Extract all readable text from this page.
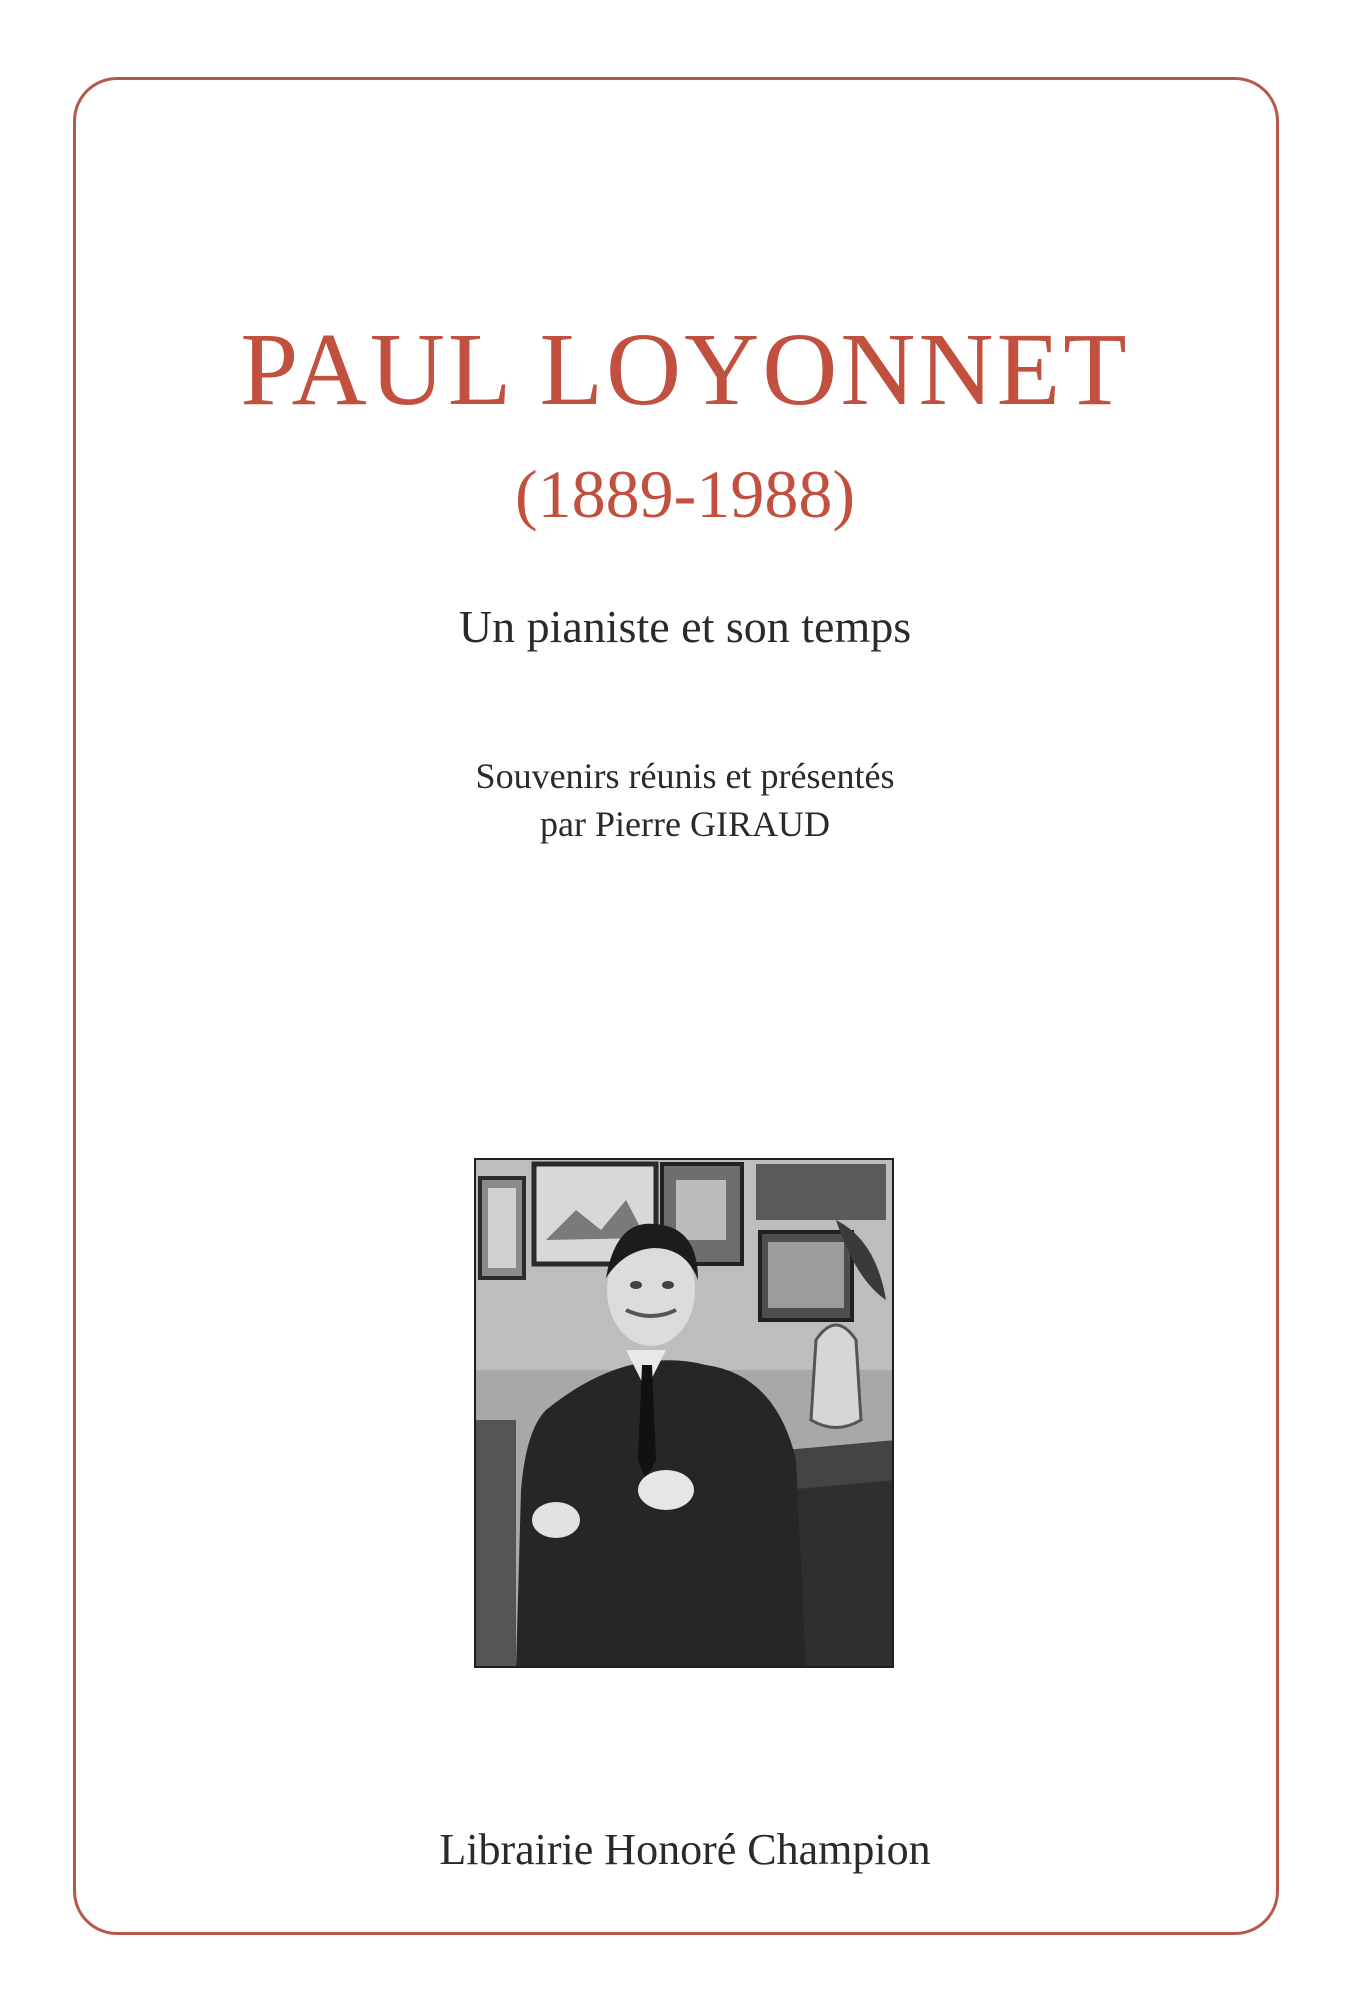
PAUL LOYONNET
(1889-1988)
Un pianiste et son temps
Souvenirs réunis et présentés
par Pierre GIRAUD
Librairie Honoré Champion
